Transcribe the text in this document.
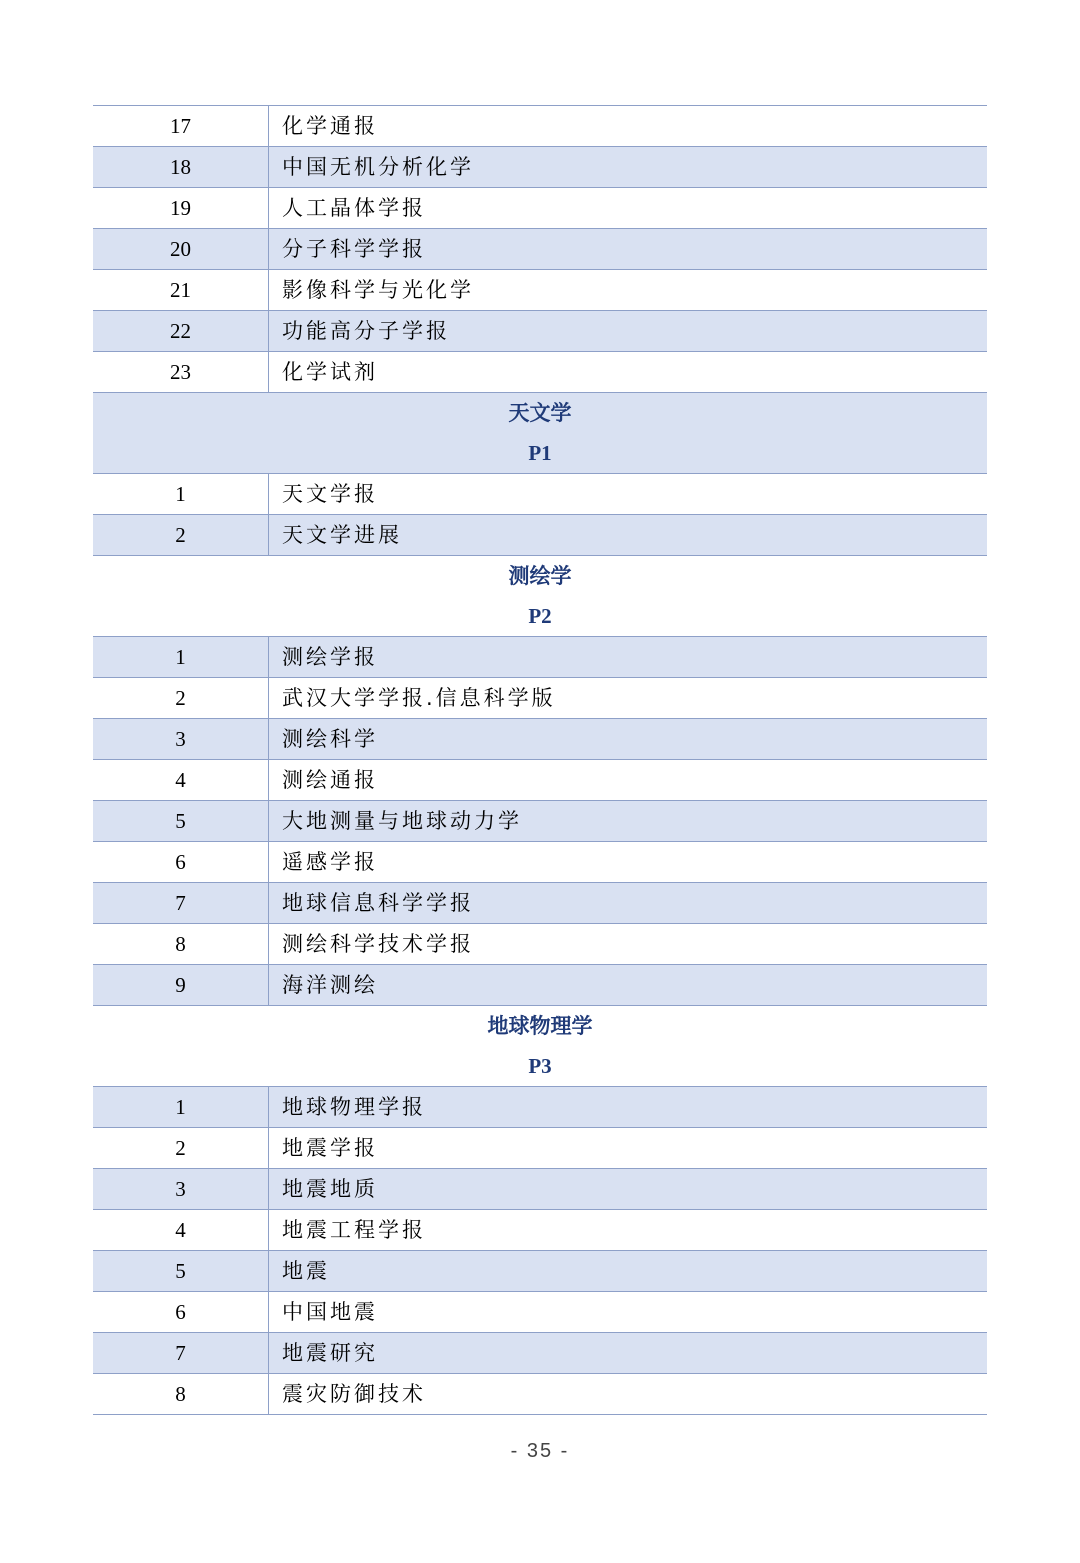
17	化学通报
18	中国无机分析化学
19	人工晶体学报
20	分子科学学报
21	影像科学与光化学
22	功能高分子学报
23	化学试剂
天文学
P1
1	天文学报
2	天文学进展
测绘学
P2
1	测绘学报
2	武汉大学学报.信息科学版
3	测绘科学
4	测绘通报
5	大地测量与地球动力学
6	遥感学报
7	地球信息科学学报
8	测绘科学技术学报
9	海洋测绘
地球物理学
P3
1	地球物理学报
2	地震学报
3	地震地质
4	地震工程学报
5	地震
6	中国地震
7	地震研究
8	震灾防御技术
- 35 -
